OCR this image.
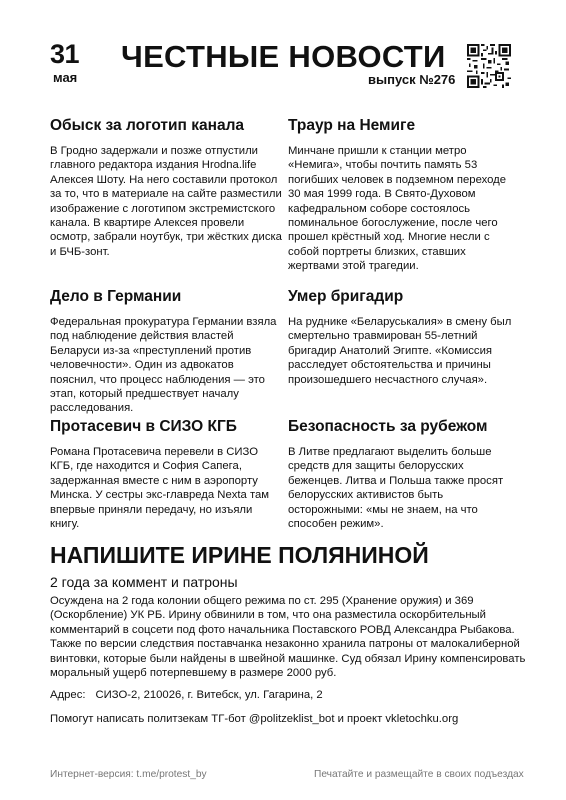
31
мая
ЧЕСТНЫЕ НОВОСТИ
выпуск №276
Обыск за логотип канала

В Гродно задержали и позже отпустили главного редактора издания Hrodna.life Алексея Шоту. На него составили протокол за то, что в материале на сайте разместили изображение с логотипом экстремистского канала. В квартире Алексея провели осмотр, забрали ноутбук, три жёстких диска и БЧБ-зонт.

Траур на Немиге

Минчане пришли к станции метро «Немига», чтобы почтить память 53 погибших человек в подземном переходе 30 мая 1999 года. В Свято-Духовом кафедральном соборе состоялось поминальное богослужение, после чего прошел крёстный ход. Многие несли с собой портреты близких, ставших жертвами этой трагедии.

Дело в Германии

Федеральная прокуратура Германии взяла под наблюдение действия властей Беларуси из-за «преступлений против человечности». Один из адвокатов пояснил, что процесс наблюдения — это этап, который предшествует началу расследования.

Умер бригадир

На руднике «Беларуськалия» в смену был смертельно травмирован 55-летний бригадир Анатолий Эгипте. «Комиссия расследует обстоятельства и причины произошедшего несчастного случая».

Протасевич в СИЗО КГБ

Романа Протасевича перевели в СИЗО КГБ, где находится и София Сапега, задержанная вместе с ним в аэропорту Минска. У сестры экс-главреда Nexta там впервые приняли передачу, но изъяли книгу.

Безопасность за рубежом

В Литве предлагают выделить больше средств для защиты белорусских беженцев. Литва и Польша также просят белорусских активистов быть осторожными: «мы не знаем, на что способен режим».

НАПИШИТЕ ИРИНЕ ПОЛЯНИНОЙ
2 года за коммент и патроны

Осуждена на 2 года колонии общего режима по ст. 295 (Хранение оружия) и 369 (Оскорбление) УК РБ. Ирину обвинили в том, что она разместила оскорбительный комментарий в соцсети под фото начальника Поставского РОВД Александра Рыбакова. Также по версии следствия поставчанка незаконно хранила патроны от малокалиберной винтовки, которые были найдены в швейной машинке. Суд обязал Ирину компенсировать моральный ущерб потерпевшему в размере 2000 руб.

Адрес: СИЗО-2, 210026, г. Витебск, ул. Гагарина, 2
Помогут написать политзекам ТГ-бот @politzeklist_bot и проект vkletochku.org
Интернет-версия: t.me/protest_by	Печатайте и размещайте в своих подъездах
